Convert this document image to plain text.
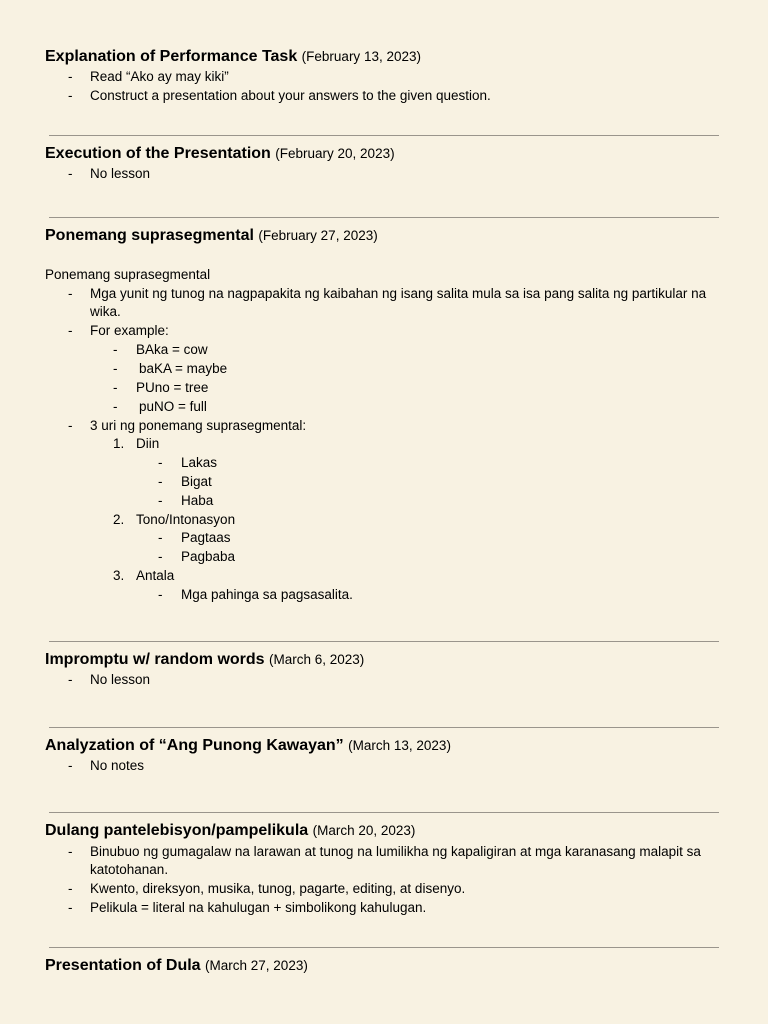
Explanation of Performance Task (February 13, 2023)
- Read “Ako ay may kiki”
- Construct a presentation about your answers to the given question.
Execution of the Presentation (February 20, 2023)
- No lesson
Ponemang suprasegmental (February 27, 2023)
Ponemang suprasegmental
- Mga yunit ng tunog na nagpapakita ng kaibahan ng isang salita mula sa isa pang salita ng partikular na
wika.
- For example:
- BAka = cow
- baKA = maybe
- PUno = tree
- puNO = full
- 3 uri ng ponemang suprasegmental:
1. Diin
- Lakas
- Bigat
- Haba
2. Tono/Intonasyon
- Pagtaas
- Pagbaba
3. Antala
- Mga pahinga sa pagsasalita.
Impromptu w/ random words (March 6, 2023)
- No lesson
Analyzation of “Ang Punong Kawayan” (March 13, 2023)
- No notes
Dulang pantelebisyon/pampelikula (March 20, 2023)
- Binubuo ng gumagalaw na larawan at tunog na lumilikha ng kapaligiran at mga karanasang malapit sa
katotohanan.
- Kwento, direksyon, musika, tunog, pagarte, editing, at disenyo.
- Pelikula = literal na kahulugan + simbolikong kahulugan.
Presentation of Dula (March 27, 2023)
